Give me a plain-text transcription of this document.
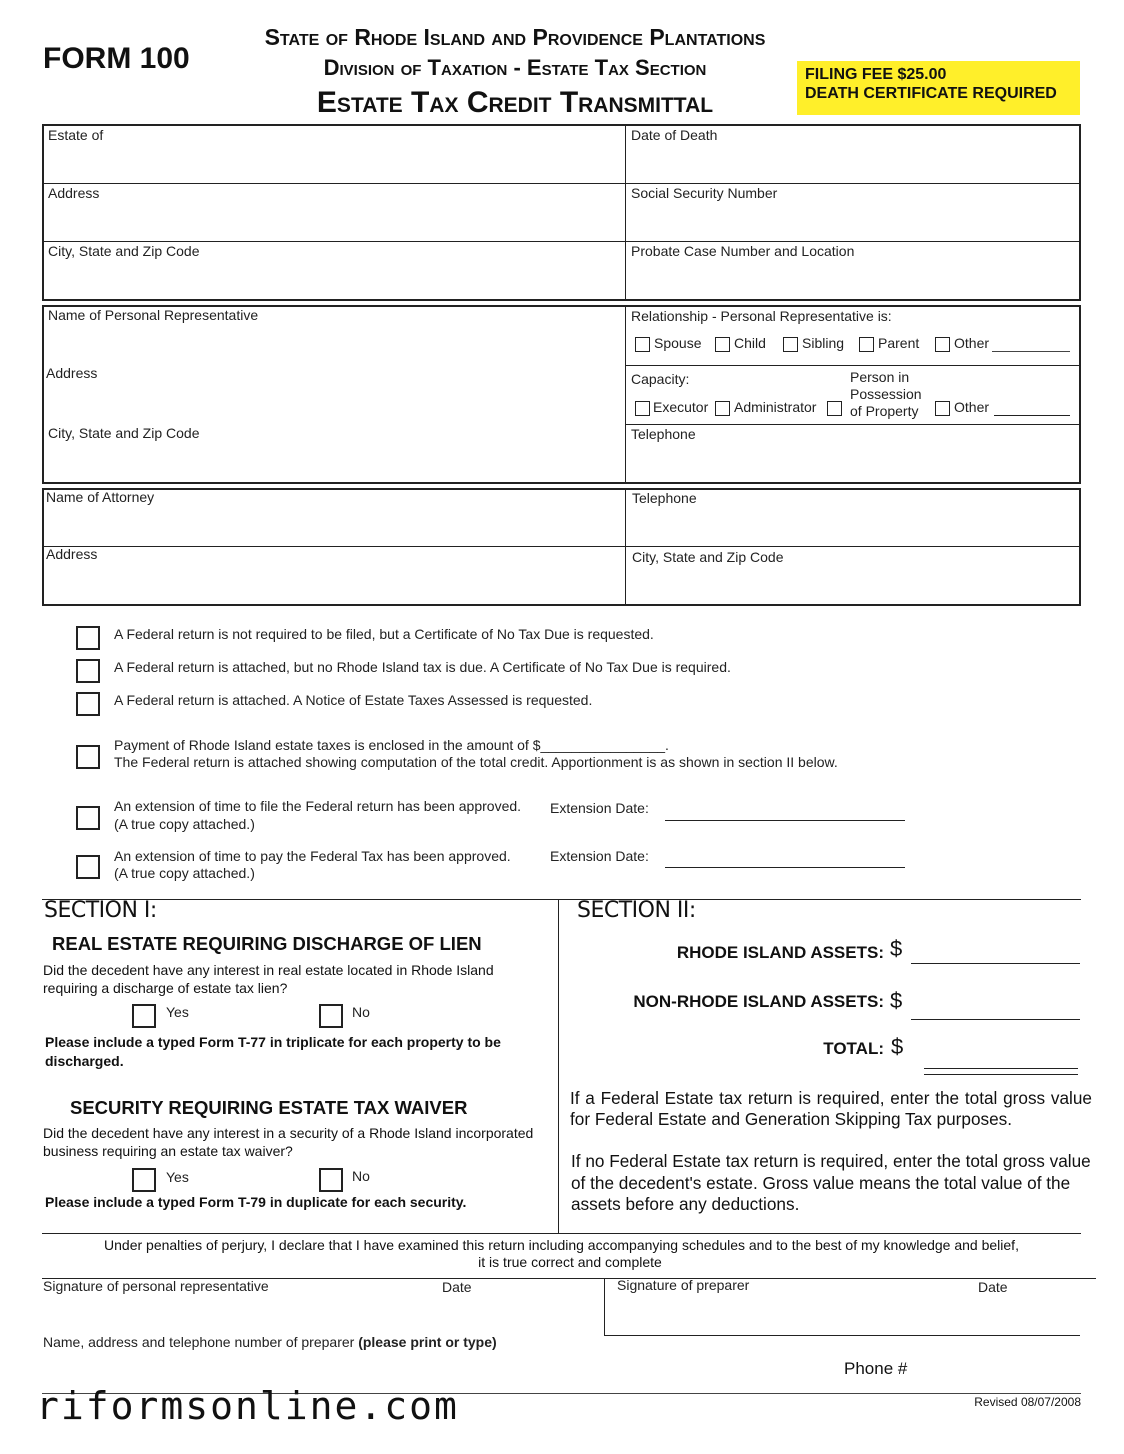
FORM 100
State of Rhode Island and Providence Plantations
Division of Taxation - Estate Tax Section
Estate Tax Credit Transmittal
FILING FEE $25.00
DEATH CERTIFICATE REQUIRED
Estate of	Date of Death
Address	Social Security Number
City, State and Zip Code	Probate Case Number and Location
Name of Personal Representative	Relationship - Personal Representative is:
Spouse Child	Sibling Parent Other
Address	Capacity:	Person in
Possession
of Property
Executor Administrator	Other
City, State and Zip Code	Telephone
Name of Attorney	Telephone
Address	City, State and Zip Code
A Federal return is not required to be filed, but a Certificate of No Tax Due is requested.
A Federal return is attached, but no Rhode Island tax is due. A Certificate of No Tax Due is required.
A Federal return is attached. A Notice of Estate Taxes Assessed is requested.
Payment of Rhode Island estate taxes is enclosed in the amount of $________________.
The Federal return is attached showing computation of the total credit. Apportionment is as shown in section II below.
An extension of time to file the Federal return has been approved.
(A true copy attached.)
Extension Date:
An extension of time to pay the Federal Tax has been approved.
(A true copy attached.)
Extension Date:
SECTION I:
REAL ESTATE REQUIRING DISCHARGE OF LIEN
Did the decedent have any interest in real estate located in Rhode Island requiring a discharge of estate tax lien?
Yes	No
Please include a typed Form T-77 in triplicate for each property to be discharged.
SECURITY REQUIRING ESTATE TAX WAIVER
Did the decedent have any interest in a security of a Rhode Island incorporated business requiring an estate tax waiver?
Yes	No
Please include a typed Form T-79 in duplicate for each security.
SECTION II:
RHODE ISLAND ASSETS: $
NON-RHODE ISLAND ASSETS: $
TOTAL: $
If a Federal Estate tax return is required, enter the total gross value for Federal Estate and Generation Skipping Tax purposes.
If no Federal Estate tax return is required, enter the total gross value of the decedent's estate. Gross value means the total value of the assets before any deductions.
Under penalties of perjury, I declare that I have examined this return including accompanying schedules and to the best of my knowledge and belief,
it is true correct and complete
Signature of personal representative	Date	Signature of preparer	Date
Name, address and telephone number of preparer (please print or type)
Phone #
riformsonline.com	Revised 08/07/2008
